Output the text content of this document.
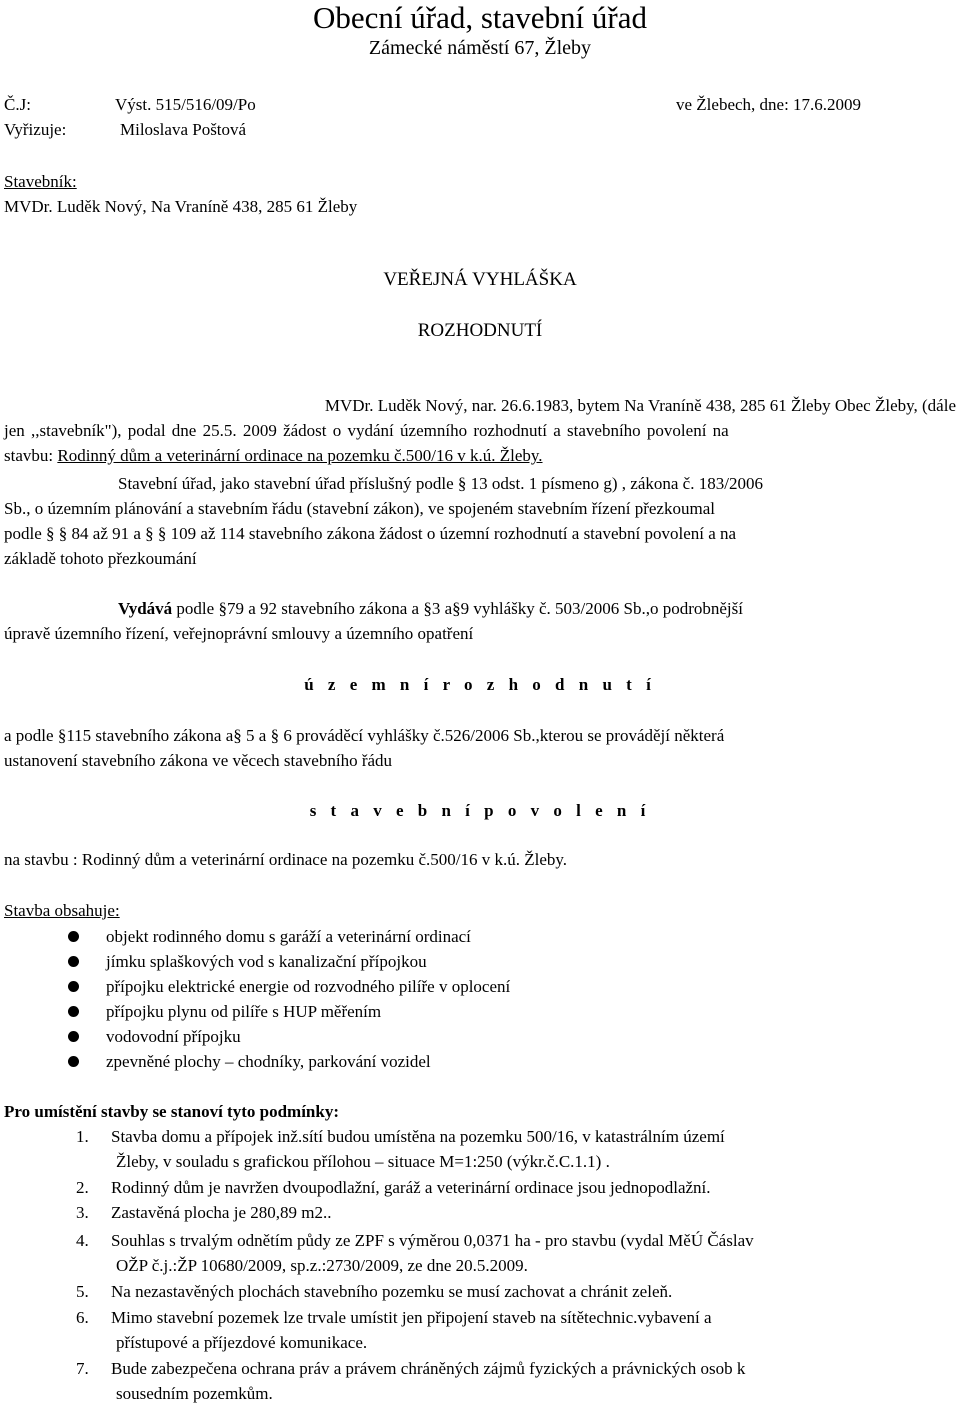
Obecní úřad, stavební úřad
Zámecké náměstí 67, Žleby
Č.J:	Výst. 515/516/09/Po	ve Žlebech, dne: 17.6.2009
Vyřizuje:	Miloslava Poštová
Stavebník:
MVDr. Luděk Nový, Na Vraníně 438, 285 61 Žleby
VEŘEJNÁ VYHLÁŠKA
ROZHODNUTÍ
MVDr. Luděk Nový, nar. 26.6.1983, bytem Na Vraníně 438, 285 61 Žleby Obec Žleby, (dále
jen ,,stavebník"), podal dne 25.5. 2009 žádost o vydání územního rozhodnutí a stavebního povolení na
stavbu: Rodinný dům a veterinární ordinace na pozemku č.500/16 v k.ú. Žleby.
Stavební úřad, jako stavební úřad příslušný podle § 13 odst. 1 písmeno g) , zákona č. 183/2006
Sb., o územním plánování a stavebním řádu (stavební zákon), ve spojeném stavebním řízení přezkoumal
podle § § 84 až 91 a § § 109 až 114 stavebního zákona žádost o územní rozhodnutí a stavební povolení a na
základě tohoto přezkoumání
Vydává podle §79 a 92 stavebního zákona a §3 a§9 vyhlášky č. 503/2006 Sb.,o podrobnější
úpravě územního řízení, veřejnoprávní smlouvy a územního opatření
ú z e m n í r o z h o d n u t í
a podle §115 stavebního zákona a§ 5 a § 6 prováděcí vyhlášky č.526/2006 Sb.,kterou se provádějí některá
ustanovení stavebního zákona ve věcech stavebního řádu
s t a v e b n í p o v o l e n í
na stavbu : Rodinný dům a veterinární ordinace na pozemku č.500/16 v k.ú. Žleby.
Stavba obsahuje:
objekt rodinného domu s garáží a veterinární ordinací
jímku splaškových vod s kanalizační přípojkou
přípojku elektrické energie od rozvodného pilíře v oplocení
přípojku plynu od pilíře s HUP měřením
vodovodní přípojku
zpevněné plochy – chodníky, parkování vozidel
Pro umístění stavby se stanoví tyto podmínky:
1.	Stavba domu a přípojek inž.sítí budou umístěna na pozemku 500/16, v katastrálním území
Žleby, v souladu s grafickou přílohou – situace M=1:250 (výkr.č.C.1.1) .
2.	Rodinný dům je navržen dvoupodlažní, garáž a veterinární ordinace jsou jednopodlažní.
3.	Zastavěná plocha je 280,89 m2..
4.	Souhlas s trvalým odnětím půdy ze ZPF s výměrou 0,0371 ha - pro stavbu (vydal MěÚ Čáslav
OŽP č.j.:ŽP 10680/2009, sp.z.:2730/2009, ze dne 20.5.2009.
5.	Na nezastavěných plochách stavebního pozemku se musí zachovat a chránit zeleň.
6.	Mimo stavební pozemek lze trvale umístit jen připojení staveb na sítětechnic.vybavení a
přístupové a příjezdové komunikace.
7.	Bude zabezpečena ochrana práv a právem chráněných zájmů fyzických a právnických osob k
sousedním pozemkům.
